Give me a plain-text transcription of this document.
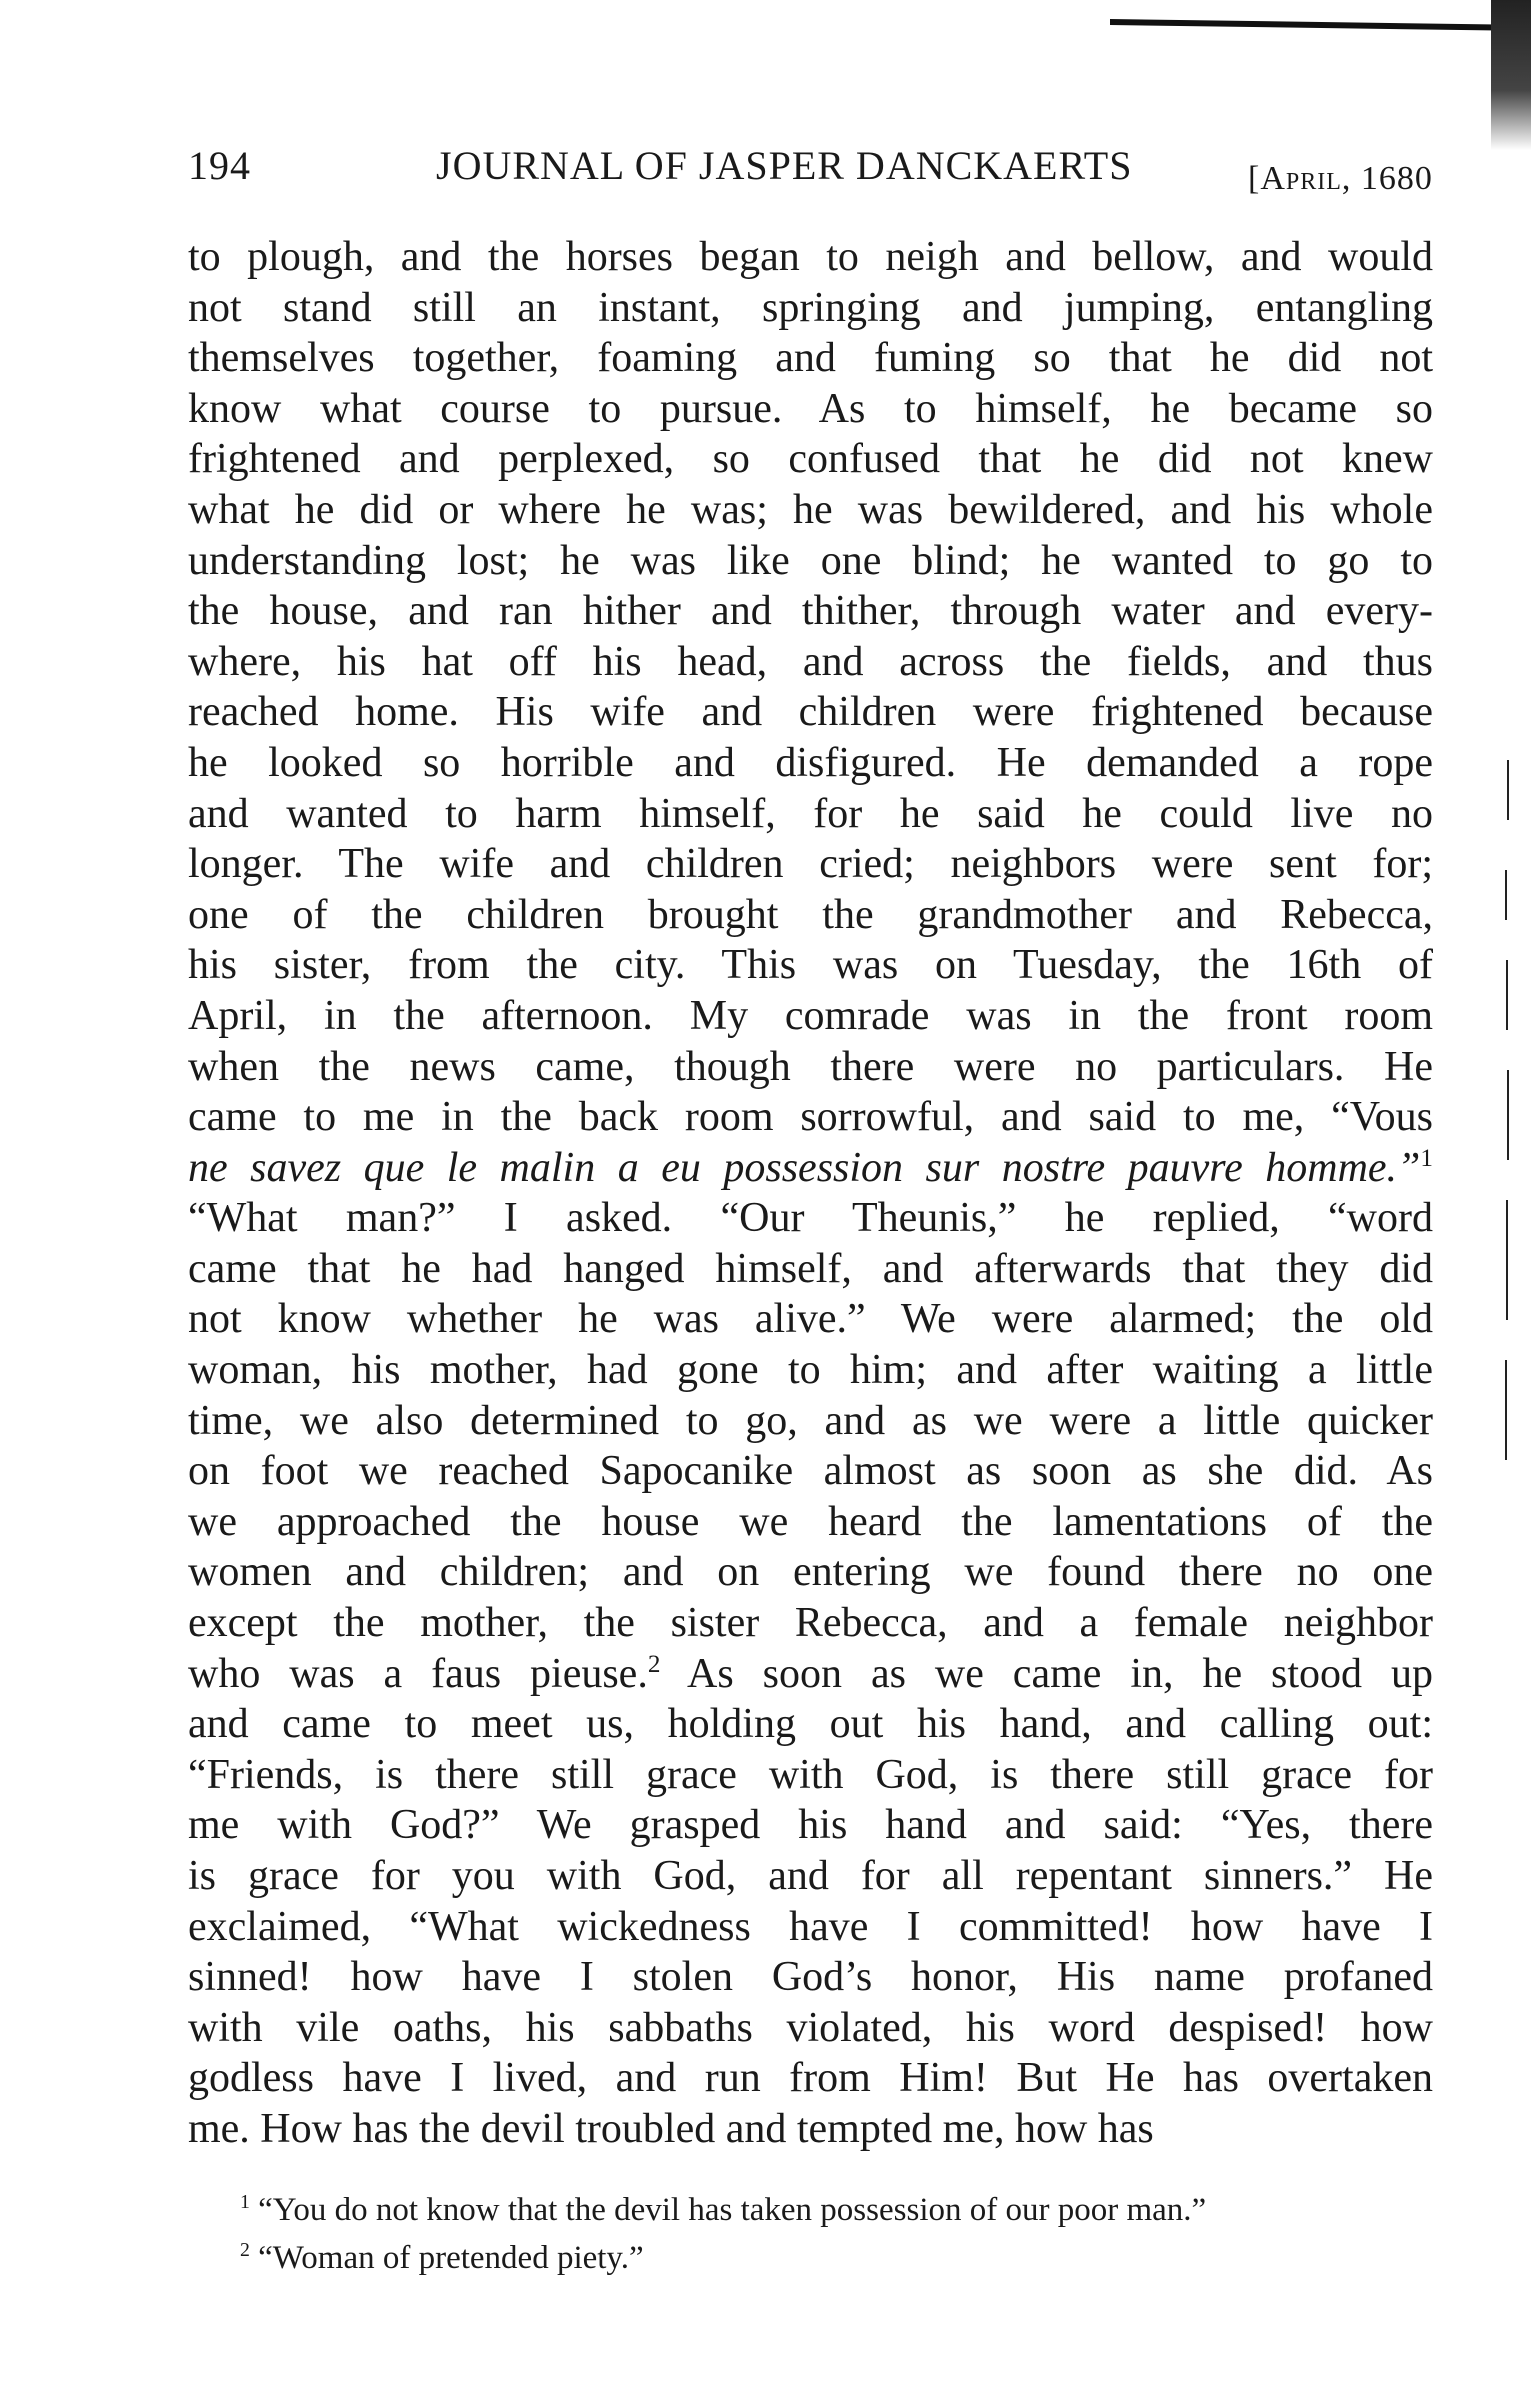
194	JOURNAL OF JASPER DANCKAERTS	[April, 1680
to plough, and the horses began to neigh and bellow, and would
not stand still an instant, springing and jumping, entangling
themselves together, foaming and fuming so that he did not
know what course to pursue. As to himself, he became so
frightened and perplexed, so confused that he did not knew
what he did or where he was; he was bewildered, and his whole
understanding lost; he was like one blind; he wanted to go to
the house, and ran hither and thither, through water and every-
where, his hat off his head, and across the fields, and thus
reached home. His wife and children were frightened because
he looked so horrible and disfigured. He demanded a rope
and wanted to harm himself, for he said he could live no
longer. The wife and children cried; neighbors were sent for;
one of the children brought the grandmother and Rebecca,
his sister, from the city. This was on Tuesday, the 16th of
April, in the afternoon. My comrade was in the front room
when the news came, though there were no particulars. He
came to me in the back room sorrowful, and said to me, “Vous
ne savez que le malin a eu possession sur nostre pauvre homme.”$^1$
“What man?” I asked. “Our Theunis,” he replied, “word
came that he had hanged himself, and afterwards that they did
not know whether he was alive.” We were alarmed; the old
woman, his mother, had gone to him; and after waiting a little
time, we also determined to go, and as we were a little quicker
on foot we reached Sapocanike almost as soon as she did. As
we approached the house we heard the lamentations of the
women and children; and on entering we found there no one
except the mother, the sister Rebecca, and a female neighbor
who was a faus pieuse.$^2$ As soon as we came in, he stood up
and came to meet us, holding out his hand, and calling out:
“Friends, is there still grace with God, is there still grace for
me with God?” We grasped his hand and said: “Yes, there
is grace for you with God, and for all repentant sinners.” He
exclaimed, “What wickedness have I committed! how have I
sinned! how have I stolen God’s honor, His name profaned
with vile oaths, his sabbaths violated, his word despised! how
godless have I lived, and run from Him! But He has overtaken
me. How has the devil troubled and tempted me, how has
$^1$ “You do not know that the devil has taken possession of our poor man.”
$^2$ “Woman of pretended piety.”
